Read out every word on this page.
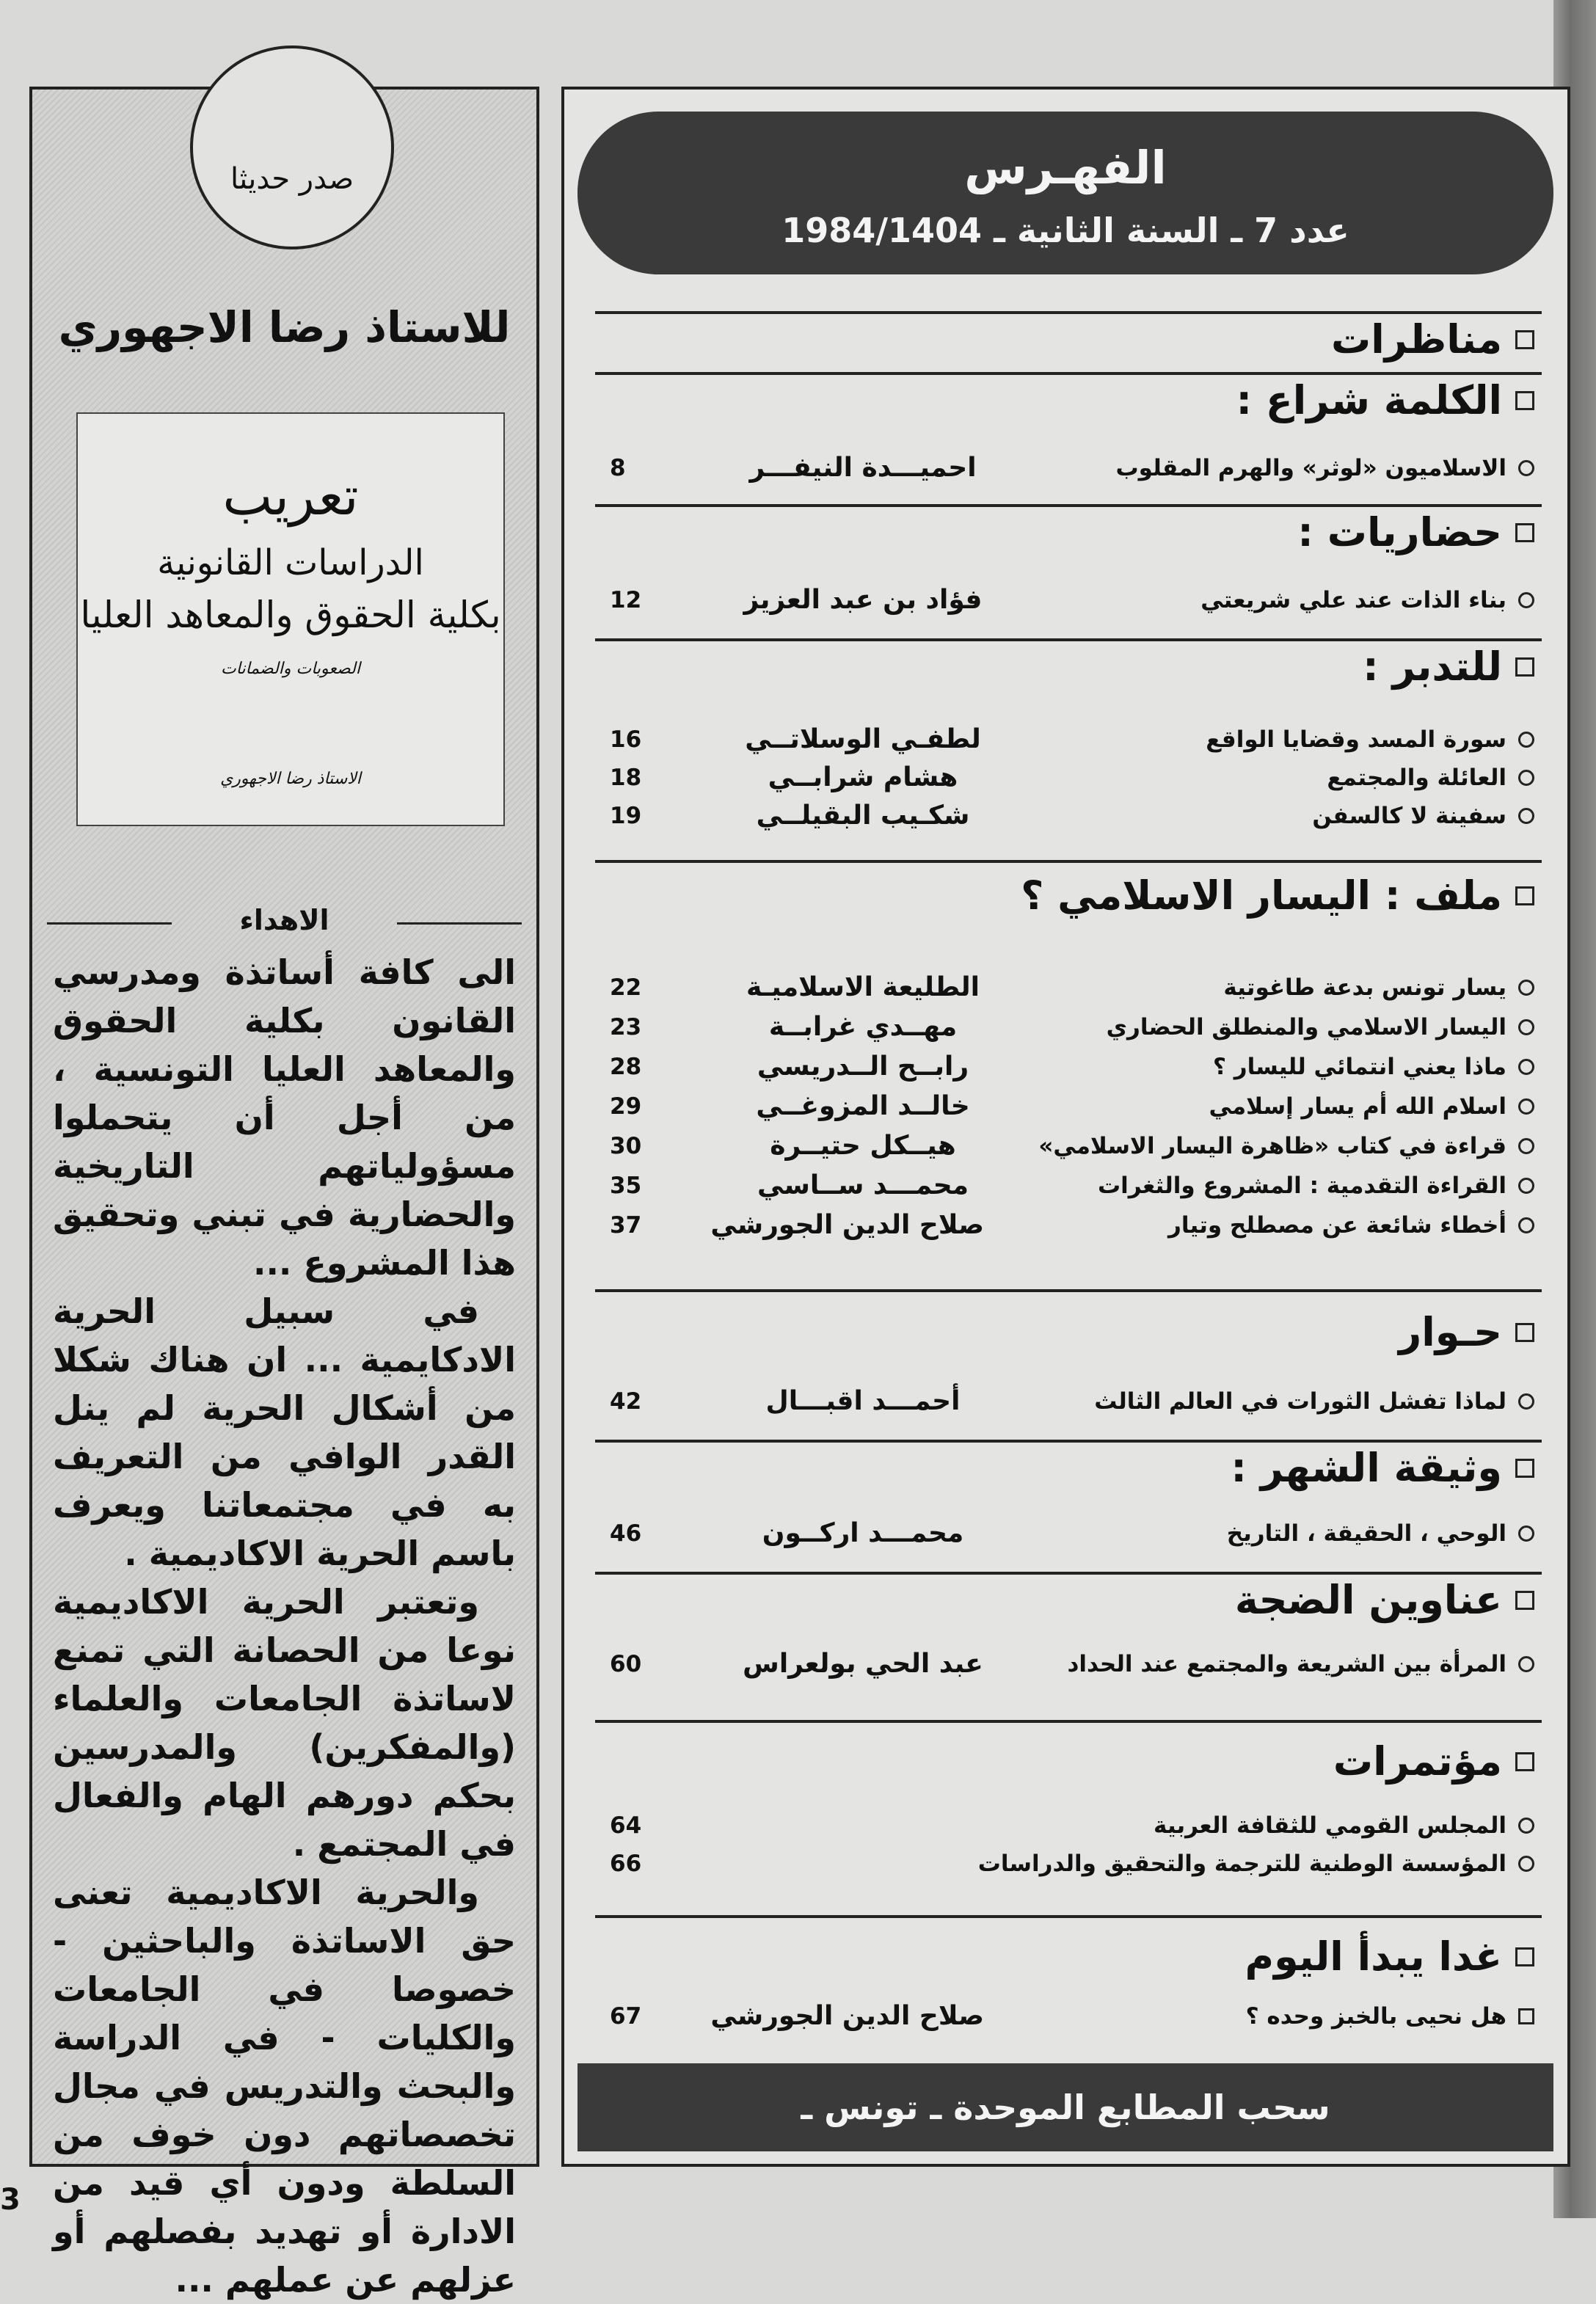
صدر حديثا
للاستاذ رضا الاجهوري
تعريب
الدراسات القانونية
بكلية الحقوق والمعاهد العليا
الصعوبات والضمانات
الاستاذ رضا الاجهوري
الاهداء

الى كافة أساتذة ومدرسي القانون بكلية الحقوق والمعاهد العليا التونسية ، من أجل أن يتحملوا مسؤولياتهم التاريخية والحضارية في تبني وتحقيق هذا المشروع ...

في سبيل الحرية الادكايمية ... ان هناك شكلا من أشكال الحرية لم ينل القدر الوافي من التعريف به في مجتمعاتنا ويعرف باسم الحرية الاكاديمية .

وتعتبر الحرية الاكاديمية نوعا من الحصانة التي تمنع لاساتذة الجامعات والعلماء (والمفكرين) والمدرسين بحكم دورهم الهام والفعال في المجتمع .

والحرية الاكاديمية تعنى حق الاساتذة والباحثين - خصوصا في الجامعات والكليات - في الدراسة والبحث والتدريس في مجال تخصصاتهم دون خوف من السلطة ودون أي قيد من الادارة أو تهديد بفصلهم أو عزلهم عن عملهم ...

الفهـرس
عدد 7 ـ السنة الثانية ـ 1984/1404
مناظرات
الكلمة شراع :
الاسلاميون «لوثر» والهرم المقلوب
احميـــدة النيفـــر
8
حضاريات :
بناء الذات عند علي شريعتي
فؤاد بن عبد العزيز
12
للتدبر :
سورة المسد وقضايا الواقع
لطفـي الوسلاتــي
16
العائلة والمجتمع
هشام شرابــي
18
سفينة لا كالسفن
شكـيب البقيلــي
19
ملف : اليسار الاسلامي ؟
يسار تونس بدعة طاغوتية
الطليعة الاسلاميـة
22
اليسار الاسلامي والمنطلق الحضاري
مهــدي غرابــة
23
ماذا يعني انتمائي لليسار ؟
رابــح الــدريسي
28
اسلام الله أم يسار إسلامي
خالــد المزوغــي
29
قراءة في كتاب «ظاهرة اليسار الاسلامي»
هيــكل حتيــرة
30
القراءة التقدمية : المشروع والثغرات
محمـــد ســاسي
35
أخطاء شائعة عن مصطلح وتيار
صلاح الدين الجورشي
37
حـوار
لماذا تفشل الثورات في العالم الثالث
أحمـــد اقبـــال
42
وثيقة الشهر :
الوحي ، الحقيقة ، التاريخ
محمـــد اركــون
46
عناوين الضجة
المرأة بين الشريعة والمجتمع عند الحداد
عبد الحي بولعراس
60
مؤتمرات
المجلس القومي للثقافة العربية
64
المؤسسة الوطنية للترجمة والتحقيق والدراسات
66
غدا يبدأ اليوم
هل نحيى بالخبز وحده ؟
صلاح الدين الجورشي
67
سحب المطابع الموحدة ـ تونس ـ
3
